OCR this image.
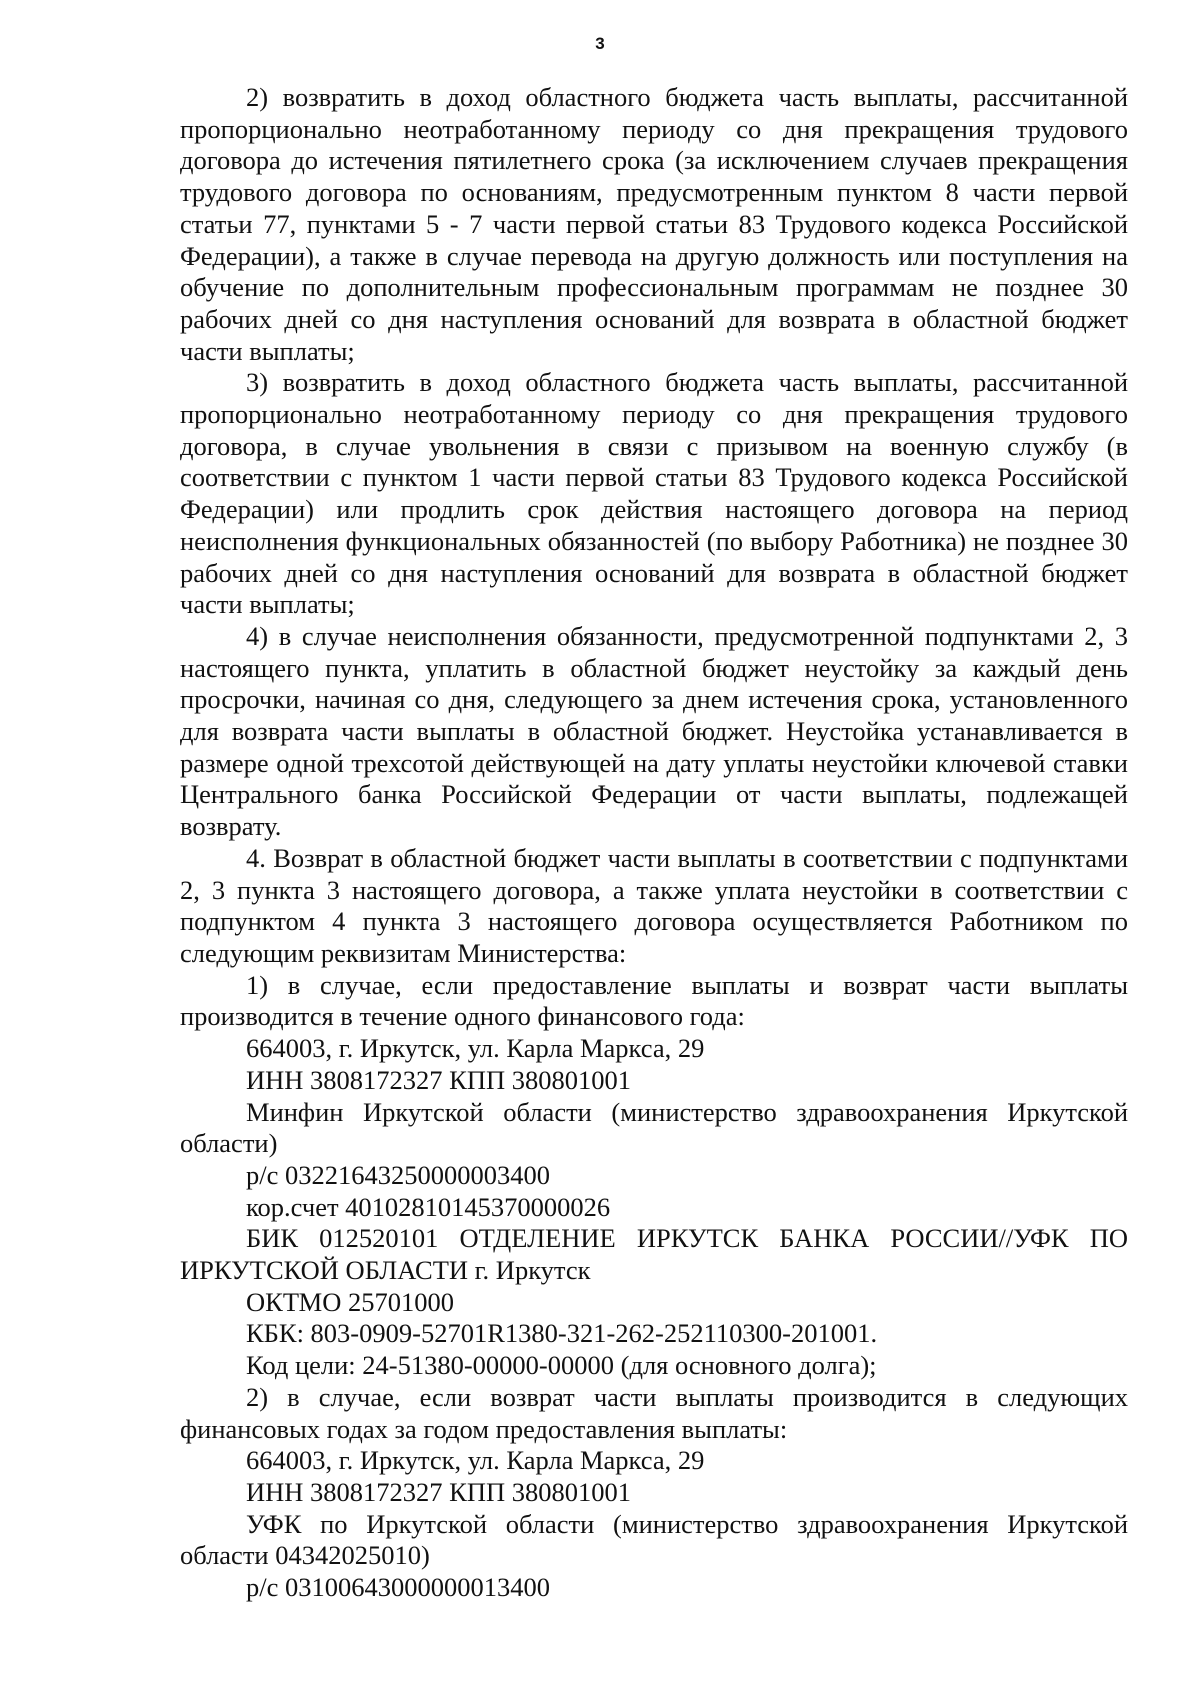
3

2) возвратить в доход областного бюджета часть выплаты, рассчитанной пропорционально неотработанному периоду со дня прекращения трудового договора до истечения пятилетнего срока (за исключением случаев прекращения трудового договора по основаниям, предусмотренным пунктом 8 части первой статьи 77, пунктами 5 - 7 части первой статьи 83 Трудового кодекса Российской Федерации), а также в случае перевода на другую должность или поступления на обучение по дополнительным профессиональным программам не позднее 30 рабочих дней со дня наступления оснований для возврата в областной бюджет части выплаты;

3) возвратить в доход областного бюджета часть выплаты, рассчитанной пропорционально неотработанному периоду со дня прекращения трудового договора, в случае увольнения в связи с призывом на военную службу (в соответствии с пунктом 1 части первой статьи 83 Трудового кодекса Российской Федерации) или продлить срок действия настоящего договора на период неисполнения функциональных обязанностей (по выбору Работника) не позднее 30 рабочих дней со дня наступления оснований для возврата в областной бюджет части выплаты;

4) в случае неисполнения обязанности, предусмотренной подпунктами 2, 3 настоящего пункта, уплатить в областной бюджет неустойку за каждый день просрочки, начиная со дня, следующего за днем истечения срока, установленного для возврата части выплаты в областной бюджет. Неустойка устанавливается в размере одной трехсотой действующей на дату уплаты неустойки ключевой ставки Центрального банка Российской Федерации от части выплаты, подлежащей возврату.

4. Возврат в областной бюджет части выплаты в соответствии с подпунктами 2, 3 пункта 3 настоящего договора, а также уплата неустойки в соответствии с подпунктом 4 пункта 3 настоящего договора осуществляется Работником по следующим реквизитам Министерства:

1) в случае, если предоставление выплаты и возврат части выплаты производится в течение одного финансового года:

664003, г. Иркутск, ул. Карла Маркса, 29

ИНН 3808172327 КПП 380801001

Минфин Иркутской области (министерство здравоохранения Иркутской области)

р/с 03221643250000003400

кор.счет 40102810145370000026

БИК 012520101 ОТДЕЛЕНИЕ ИРКУТСК БАНКА РОССИИ//УФК ПО ИРКУТСКОЙ ОБЛАСТИ г. Иркутск

ОКТМО 25701000

КБК: 803-0909-52701R1380-321-262-252110300-201001.

Код цели: 24-51380-00000-00000 (для основного долга);

2) в случае, если возврат части выплаты производится в следующих финансовых годах за годом предоставления выплаты:

664003, г. Иркутск, ул. Карла Маркса, 29

ИНН 3808172327 КПП 380801001

УФК по Иркутской области (министерство здравоохранения Иркутской области 04342025010)

р/с 03100643000000013400
